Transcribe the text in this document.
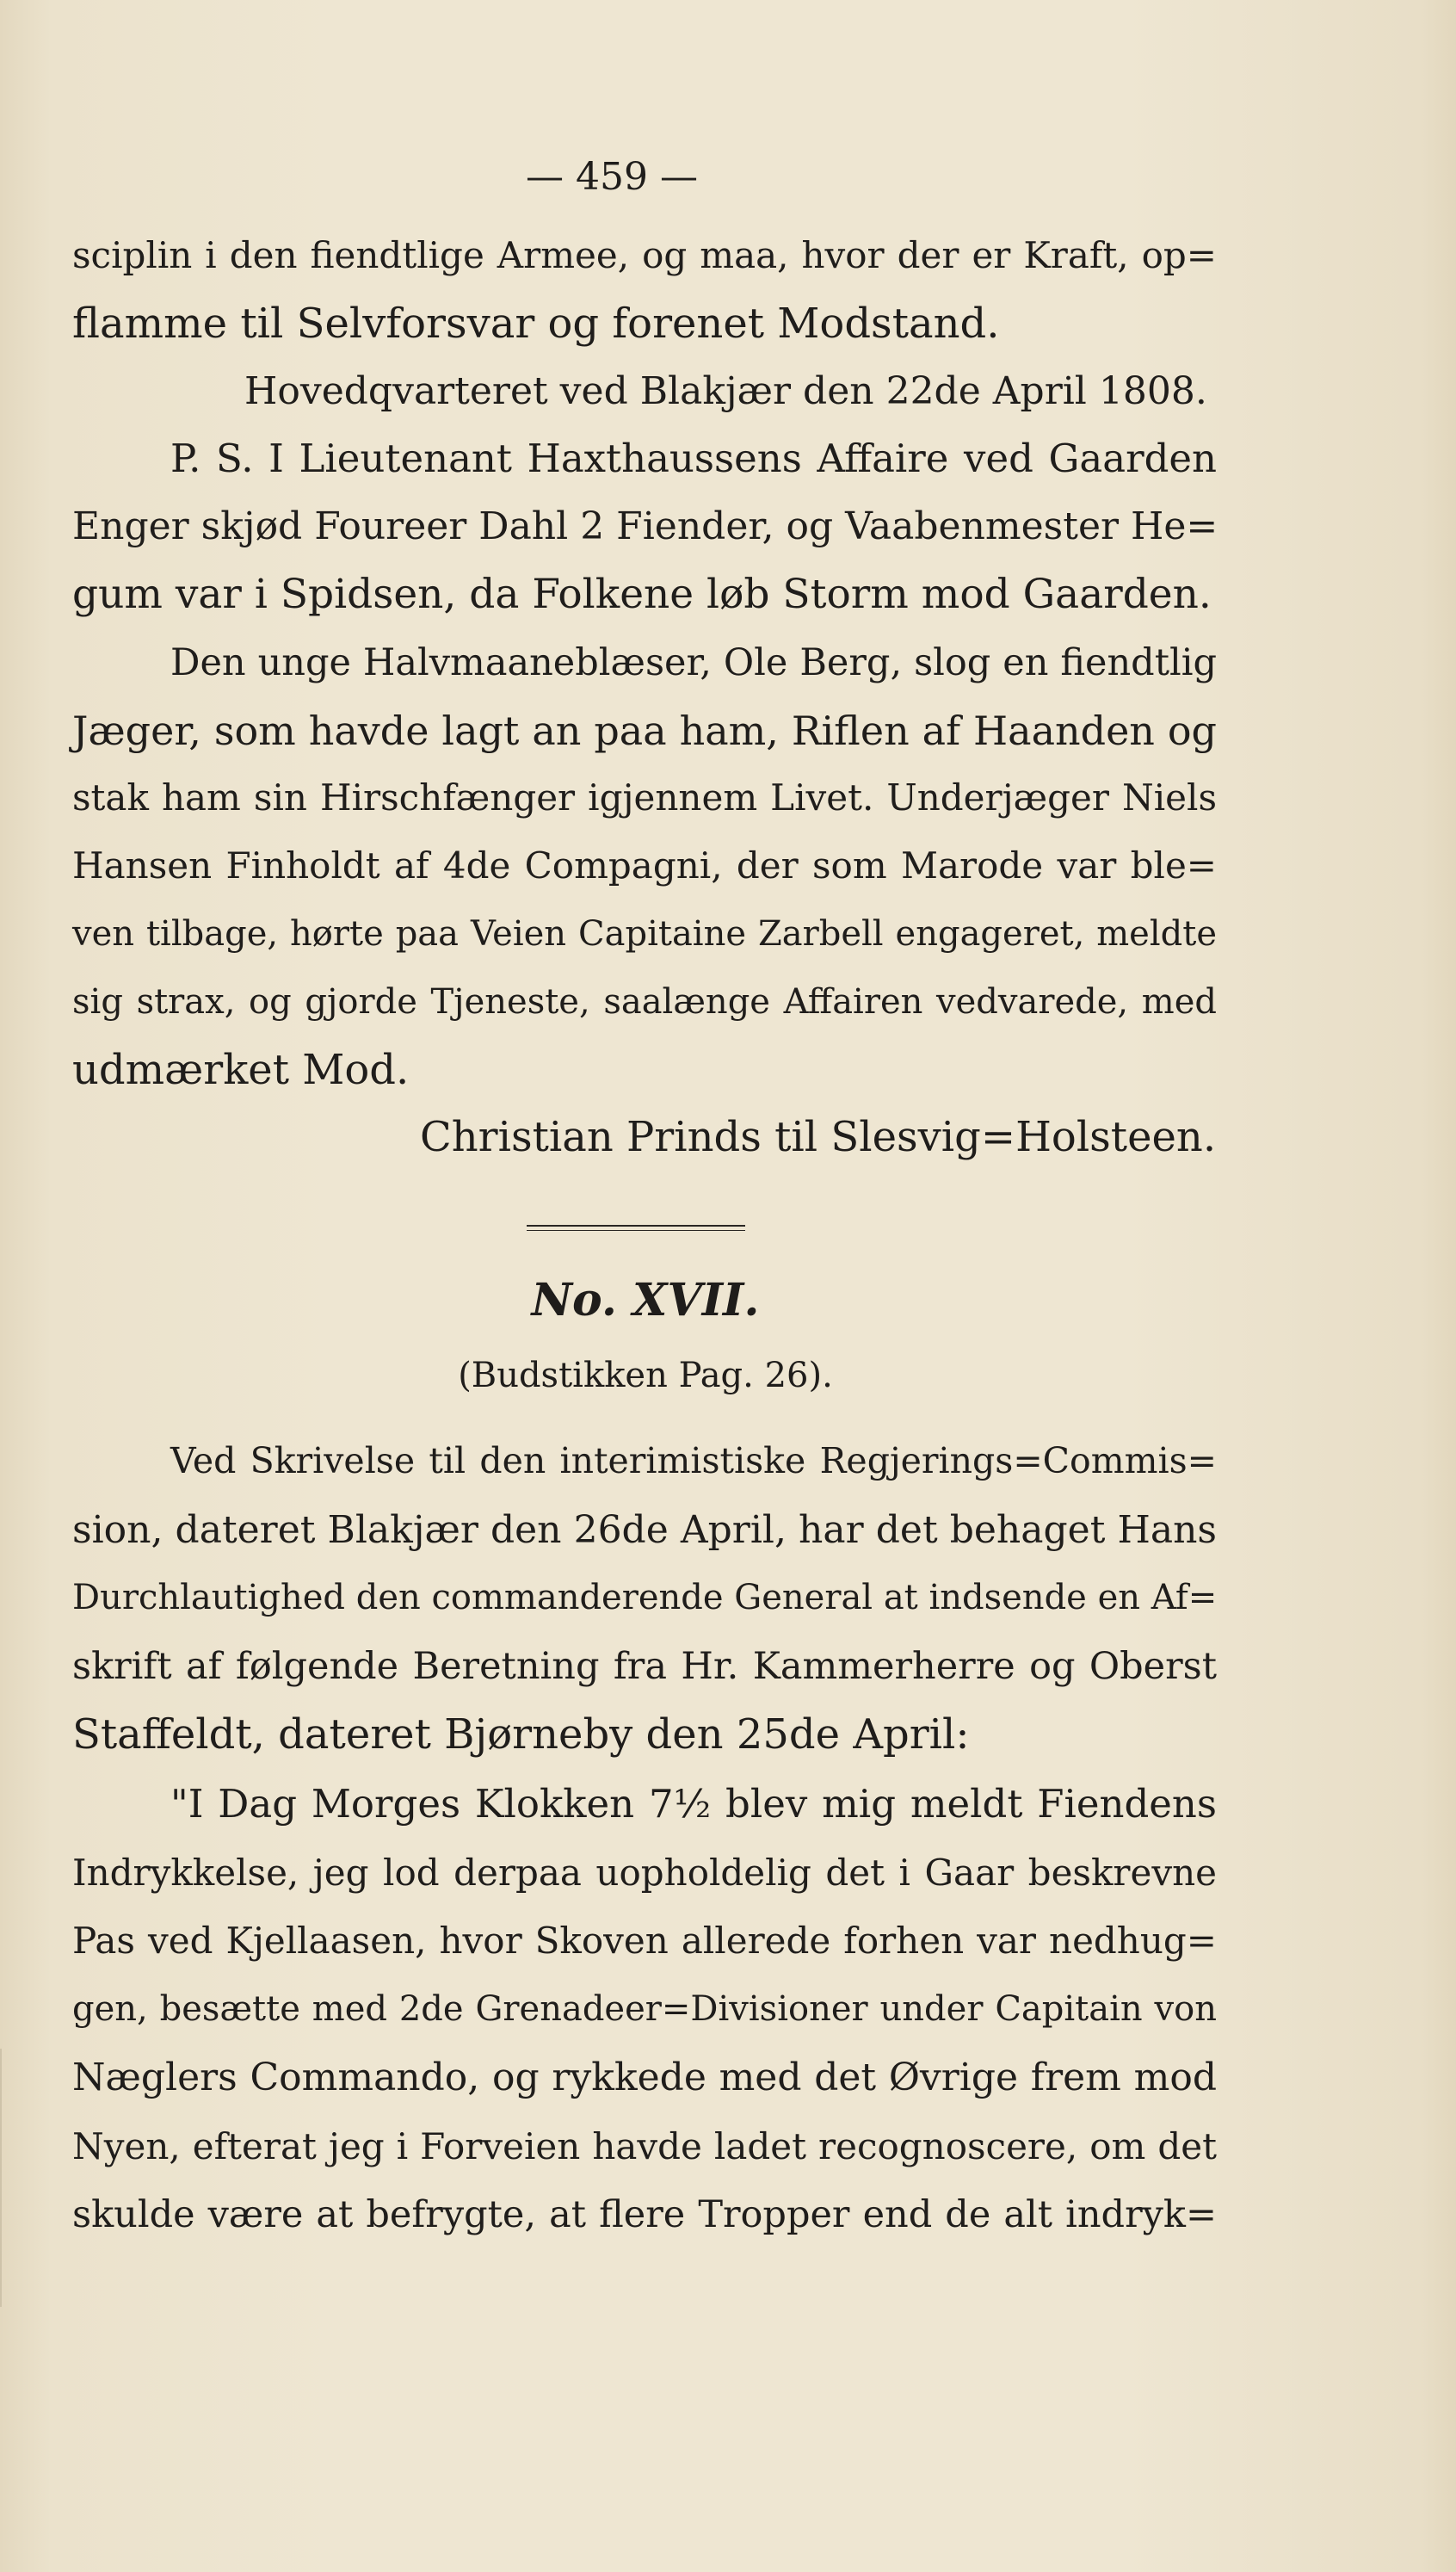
— 459 —
sciplin i den fiendtlige Armee, og maa, hvor der er Kraft, op=
flamme til Selvforsvar og forenet Modstand.
Hovedqvarteret ved Blakjær den 22de April 1808.
P. S. I Lieutenant Haxthaussens Affaire ved Gaarden
Enger skjød Foureer Dahl 2 Fiender, og Vaabenmester He=
gum var i Spidsen, da Folkene løb Storm mod Gaarden.
Den unge Halvmaaneblæser, Ole Berg, slog en fiendtlig
Jæger, som havde lagt an paa ham, Riflen af Haanden og
stak ham sin Hirschfænger igjennem Livet. Underjæger Niels
Hansen Finholdt af 4de Compagni, der som Marode var ble=
ven tilbage, hørte paa Veien Capitaine Zarbell engageret, meldte
sig strax, og gjorde Tjeneste, saalænge Affairen vedvarede, med
udmærket Mod.
Christian Prinds til Slesvig=Holsteen.
No. XVII.
(Budstikken Pag. 26).
Ved Skrivelse til den interimistiske Regjerings=Commis=
sion, dateret Blakjær den 26de April, har det behaget Hans
Durchlautighed den commanderende General at indsende en Af=
skrift af følgende Beretning fra Hr. Kammerherre og Oberst
Staffeldt, dateret Bjørneby den 25de April:
"I Dag Morges Klokken 7½ blev mig meldt Fiendens
Indrykkelse, jeg lod derpaa uopholdelig det i Gaar beskrevne
Pas ved Kjellaasen, hvor Skoven allerede forhen var nedhug=
gen, besætte med 2de Grenadeer=Divisioner under Capitain von
Næglers Commando, og rykkede med det Øvrige frem mod
Nyen, efterat jeg i Forveien havde ladet recognoscere, om det
skulde være at befrygte, at flere Tropper end de alt indryk=
